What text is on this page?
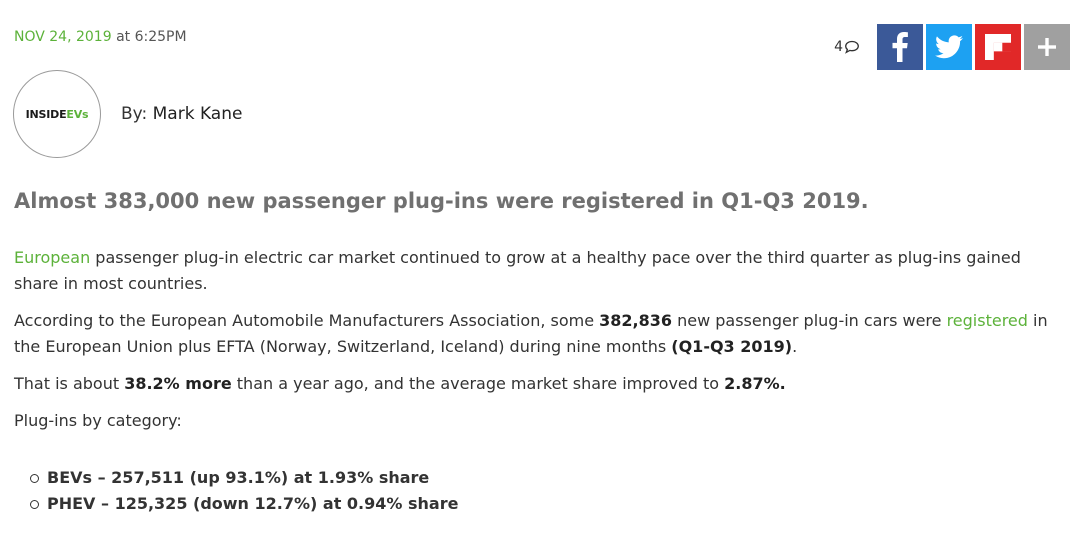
NOV 24, 2019 at 6:25PM
4
INSIDEEVs By: Mark Kane
Almost 383,000 new passenger plug-ins were registered in Q1-Q3 2019.

European passenger plug-in electric car market continued to grow at a healthy pace over the third quarter as plug-ins gained share in most countries.

According to the European Automobile Manufacturers Association, some 382,836 new passenger plug-in cars were registered in the European Union plus EFTA (Norway, Switzerland, Iceland) during nine months (Q1-Q3 2019).

That is about 38.2% more than a year ago, and the average market share improved to 2.87%.

Plug-ins by category:

BEVs – 257,511 (up 93.1%) at 1.93% share
PHEV – 125,325 (down 12.7%) at 0.94% share
